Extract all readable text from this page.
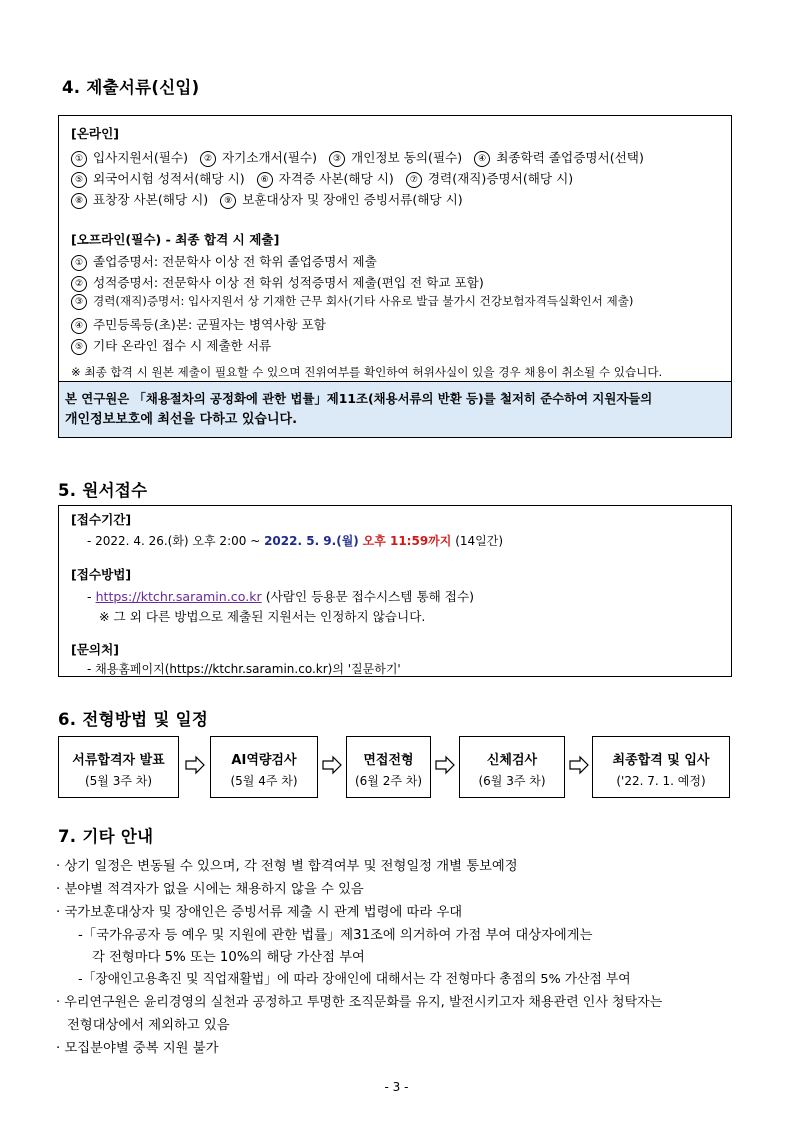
4. 제출서류(신입)
[온라인]
① 입사지원서(필수) ② 자기소개서(필수) ③ 개인정보 동의(필수) ④ 최종학력 졸업증명서(선택)
⑤ 외국어시험 성적서(해당 시) ⑥ 자격증 사본(해당 시) ⑦ 경력(재직)증명서(해당 시)
⑧ 표창장 사본(해당 시) ⑨ 보훈대상자 및 장애인 증빙서류(해당 시)
[오프라인(필수) - 최종 합격 시 제출]
① 졸업증명서: 전문학사 이상 전 학위 졸업증명서 제출
② 성적증명서: 전문학사 이상 전 학위 성적증명서 제출(편입 전 학교 포함)
③ 경력(재직)증명서: 입사지원서 상 기재한 근무 회사(기타 사유로 발급 불가시 건강보험자격득실확인서 제출)
④ 주민등록등(초)본: 군필자는 병역사항 포함
⑤ 기타 온라인 접수 시 제출한 서류
※ 최종 합격 시 원본 제출이 필요할 수 있으며 진위여부를 확인하여 허위사실이 있을 경우 채용이 취소될 수 있습니다.
본 연구원은 「채용절차의 공정화에 관한 법률」제11조(채용서류의 반환 등)를 철저히 준수하여 지원자들의
개인정보보호에 최선을 다하고 있습니다.
5. 원서접수
[접수기간]
- 2022. 4. 26.(화) 오후 2:00 ~ 2022. 5. 9.(월) 오후 11:59까지 (14일간)
[접수방법]
- https://ktchr.saramin.co.kr (사람인 등용문 접수시스템 통해 접수)
※ 그 외 다른 방법으로 제출된 지원서는 인정하지 않습니다.
[문의처]
- 채용홈페이지(https://ktchr.saramin.co.kr)의 '질문하기'
6. 전형방법 및 일정
서류합격자 발표
(5월 3주 차)
AI역량검사
(5월 4주 차)
면접전형
(6월 2주 차)
신체검사
(6월 3주 차)
최종합격 및 입사
('22. 7. 1. 예정)
7. 기타 안내
· 상기 일정은 변동될 수 있으며, 각 전형 별 합격여부 및 전형일정 개별 통보예정
· 분야별 적격자가 없을 시에는 채용하지 않을 수 있음
· 국가보훈대상자 및 장애인은 증빙서류 제출 시 관계 법령에 따라 우대
-「국가유공자 등 예우 및 지원에 관한 법률」제31조에 의거하여 가점 부여 대상자에게는
각 전형마다 5% 또는 10%의 해당 가산점 부여
-「장애인고용촉진 및 직업재활법」에 따라 장애인에 대해서는 각 전형마다 총점의 5% 가산점 부여
· 우리연구원은 윤리경영의 실천과 공정하고 투명한 조직문화를 유지, 발전시키고자 채용관련 인사 청탁자는
전형대상에서 제외하고 있음
· 모집분야별 중복 지원 불가
- 3 -
